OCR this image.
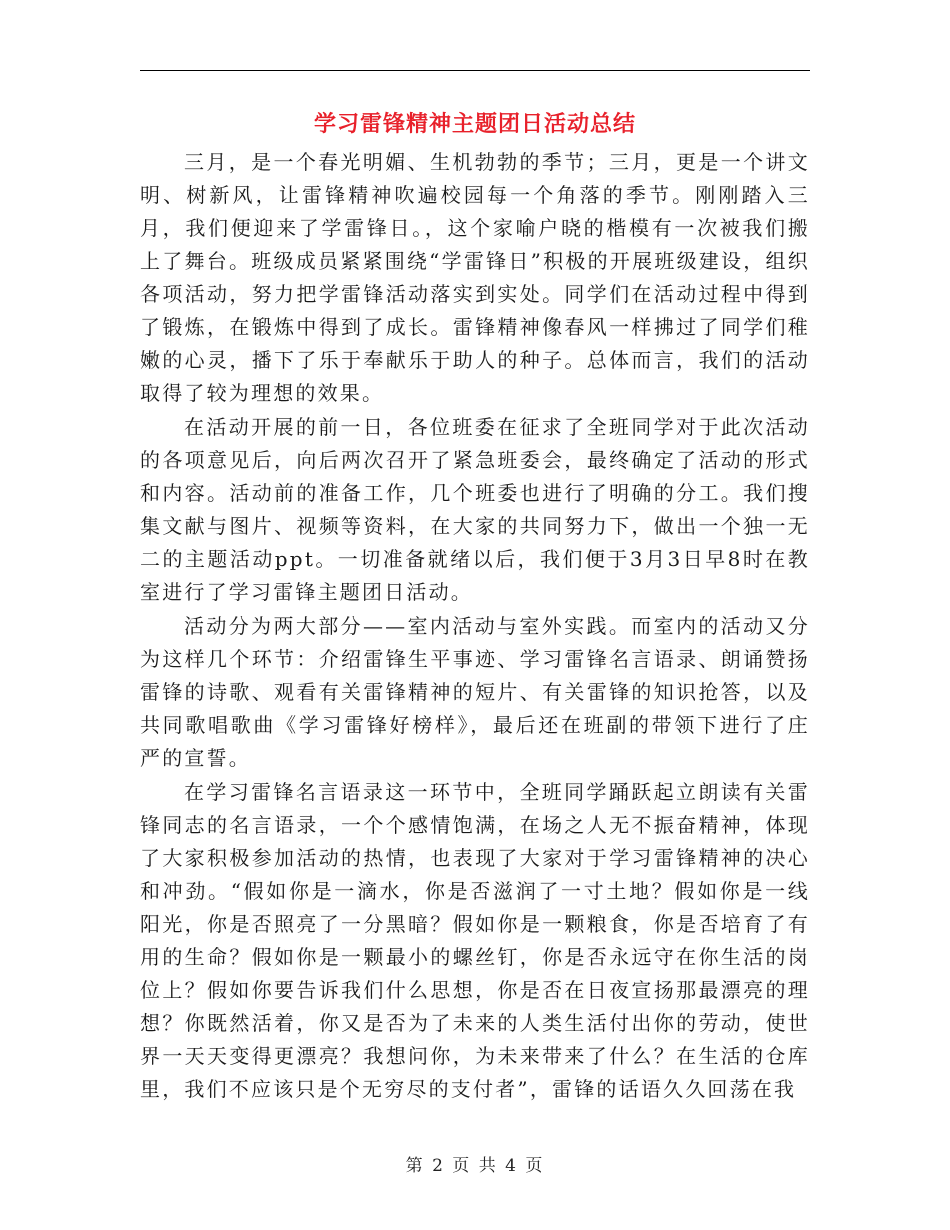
学习雷锋精神主题团日活动总结

三月，是一个春光明媚、生机勃勃的季节；三月，更是一个讲文明、树新风，让雷锋精神吹遍校园每一个角落的季节。刚刚踏入三月，我们便迎来了学雷锋日。，这个家喻户晓的楷模有一次被我们搬上了舞台。班级成员紧紧围绕“学雷锋日”积极的开展班级建设，组织各项活动，努力把学雷锋活动落实到实处。同学们在活动过程中得到了锻炼，在锻炼中得到了成长。雷锋精神像春风一样拂过了同学们稚嫩的心灵，播下了乐于奉献乐于助人的种子。总体而言，我们的活动取得了较为理想的效果。

在活动开展的前一日，各位班委在征求了全班同学对于此次活动的各项意见后，向后两次召开了紧急班委会，最终确定了活动的形式和内容。活动前的准备工作，几个班委也进行了明确的分工。我们搜集文献与图片、视频等资料，在大家的共同努力下，做出一个独一无二的主题活动ppt。一切准备就绪以后，我们便于3月3日早8时在教室进行了学习雷锋主题团日活动。

活动分为两大部分——室内活动与室外实践。而室内的活动又分为这样几个环节：介绍雷锋生平事迹、学习雷锋名言语录、朗诵赞扬雷锋的诗歌、观看有关雷锋精神的短片、有关雷锋的知识抢答，以及共同歌唱歌曲《学习雷锋好榜样》，最后还在班副的带领下进行了庄严的宣誓。

在学习雷锋名言语录这一环节中，全班同学踊跃起立朗读有关雷锋同志的名言语录，一个个感情饱满，在场之人无不振奋精神，体现了大家积极参加活动的热情，也表现了大家对于学习雷锋精神的决心和冲劲。“假如你是一滴水，你是否滋润了一寸土地？假如你是一线阳光，你是否照亮了一分黑暗？假如你是一颗粮食，你是否培育了有用的生命？假如你是一颗最小的螺丝钉，你是否永远守在你生活的岗位上？假如你要告诉我们什么思想，你是否在日夜宣扬那最漂亮的理想？你既然活着，你又是否为了未来的人类生活付出你的劳动，使世界一天天变得更漂亮？我想问你，为未来带来了什么？在生活的仓库里，我们不应该只是个无穷尽的支付者”，雷锋的话语久久回荡在我

第 2 页 共 4 页
